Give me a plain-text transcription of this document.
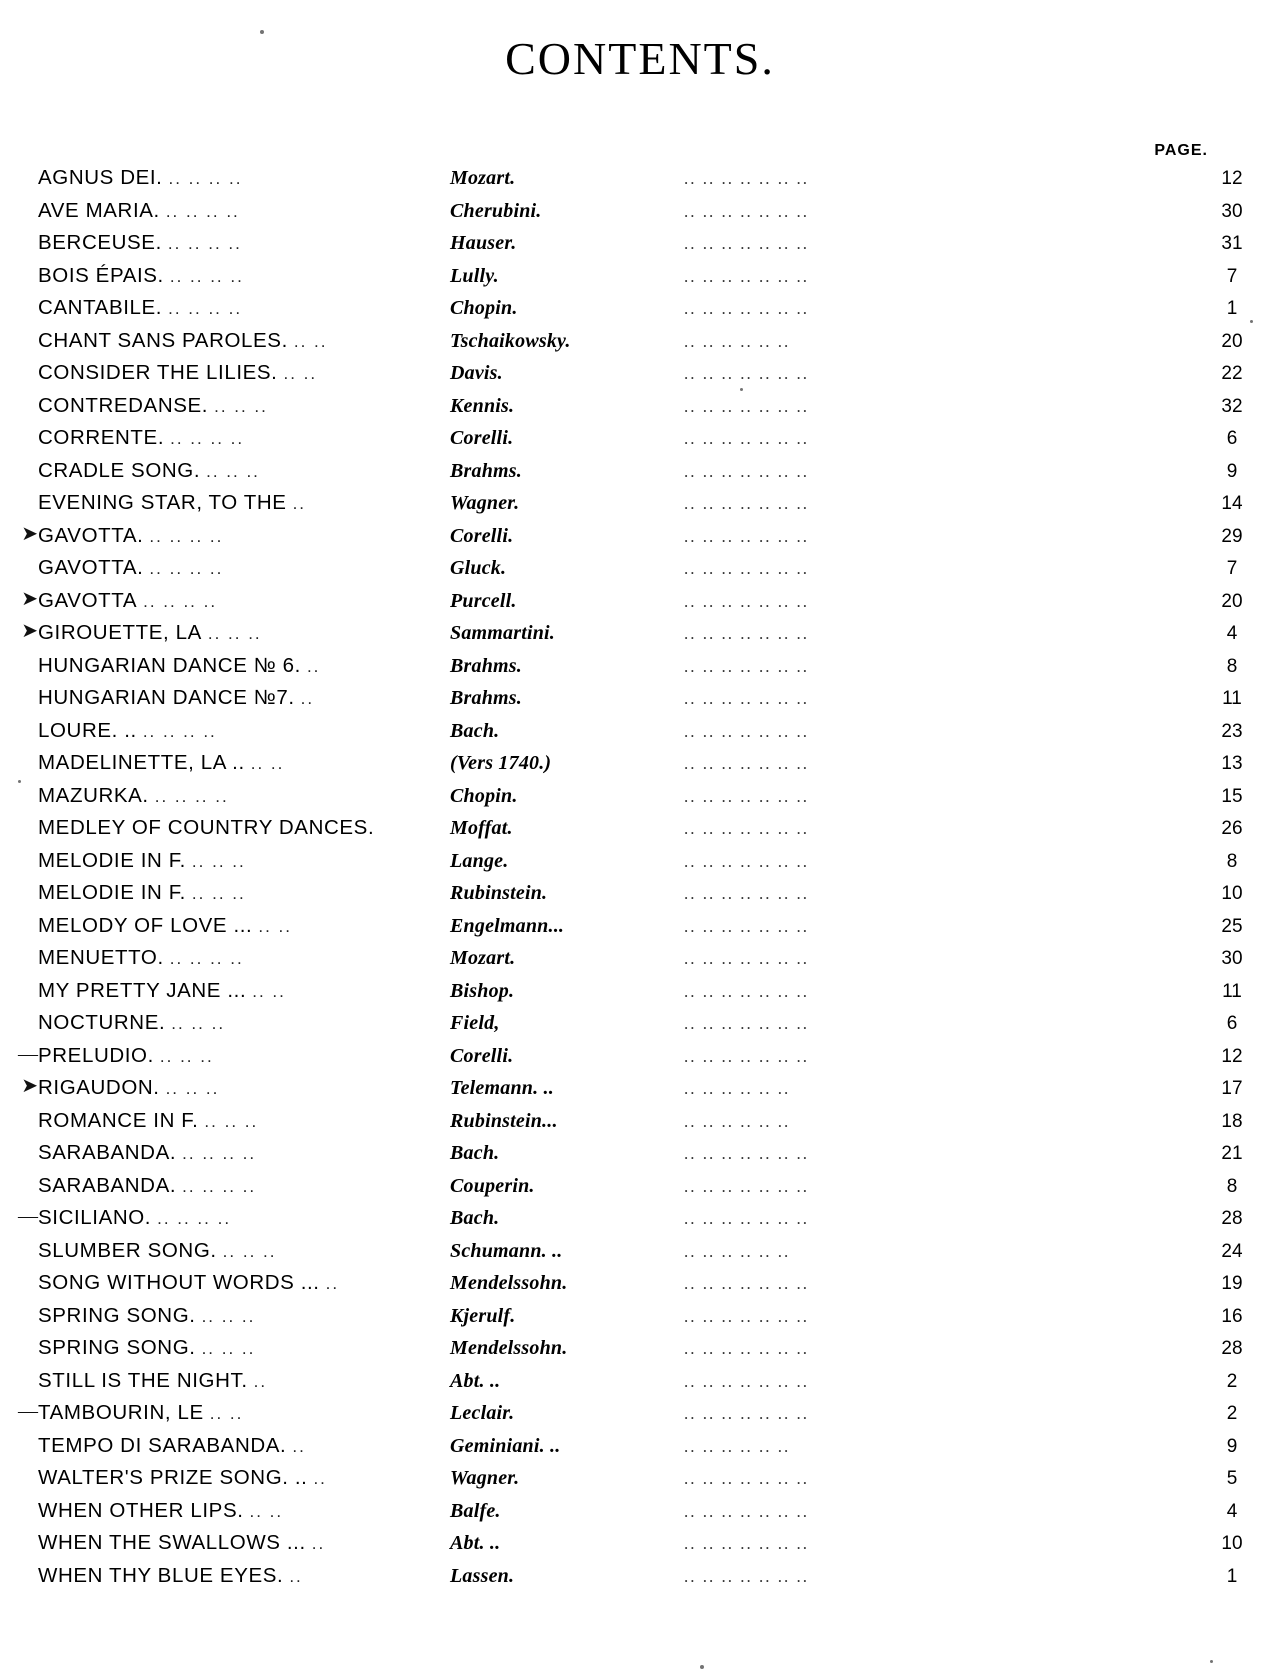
CONTENTS.
PAGE.
AGNUS DEI. .. .. .. ..	Mozart.	.. .. .. .. .. .. ..	12
AVE MARIA. .. .. .. ..	Cherubini.	.. .. .. .. .. .. ..	30
BERCEUSE. .. .. .. ..	Hauser.	.. .. .. .. .. .. ..	31
BOIS ÉPAIS. .. .. .. ..	Lully.	.. .. .. .. .. .. ..	7
CANTABILE. .. .. .. ..	Chopin.	.. .. .. .. .. .. ..	1
CHANT SANS PAROLES. .. ..	Tschaikowsky.	.. .. .. .. .. ..	20
CONSIDER THE LILIES. .. ..	Davis.	.. .. .. .. .. .. ..	22
CONTREDANSE. .. .. ..	Kennis.	.. .. .. .. .. .. ..	32
CORRENTE. .. .. .. ..	Corelli.	.. .. .. .. .. .. ..	6
CRADLE SONG. .. .. ..	Brahms.	.. .. .. .. .. .. ..	9
EVENING STAR, TO THE ..	Wagner.	.. .. .. .. .. .. ..	14
➤ GAVOTTA. .. .. .. ..	Corelli.	.. .. .. .. .. .. ..	29
GAVOTTA. .. .. .. ..	Gluck.	.. .. .. .. .. .. ..	7
➤ GAVOTTA .. .. .. ..	Purcell.	.. .. .. .. .. .. ..	20
➤ GIROUETTE, LA .. .. ..	Sammartini.	.. .. .. .. .. .. ..	4
HUNGARIAN DANCE № 6. ..	Brahms.	.. .. .. .. .. .. ..	8
HUNGARIAN DANCE №7. ..	Brahms.	.. .. .. .. .. .. ..	11
LOURE. .. .. .. .. ..	Bach.	.. .. .. .. .. .. ..	23
MADELINETTE, LA .. .. ..	(Vers 1740.)	.. .. .. .. .. .. ..	13
MAZURKA. .. .. .. ..	Chopin.	.. .. .. .. .. .. ..	15
MEDLEY OF COUNTRY DANCES.	Moffat.	.. .. .. .. .. .. ..	26
MELODIE IN F. .. .. ..	Lange.	.. .. .. .. .. .. ..	8
MELODIE IN F. .. .. ..	Rubinstein.	.. .. .. .. .. .. ..	10
MELODY OF LOVE ... .. ..	Engelmann...	.. .. .. .. .. .. ..	25
MENUETTO. .. .. .. ..	Mozart.	.. .. .. .. .. .. ..	30
MY PRETTY JANE ... .. ..	Bishop.	.. .. .. .. .. .. ..	11
NOCTURNE. .. .. ..	Field,	.. .. .. .. .. .. ..	6
— PRELUDIO. .. .. ..	Corelli.	.. .. .. .. .. .. ..	12
➤ RIGAUDON. .. .. ..	Telemann. ..	.. .. .. .. .. ..	17
ROMANCE IN F. .. .. ..	Rubinstein...	.. .. .. .. .. ..	18
SARABANDA. .. .. .. ..	Bach.	.. .. .. .. .. .. ..	21
SARABANDA. .. .. .. ..	Couperin.	.. .. .. .. .. .. ..	8
— SICILIANO. .. .. .. ..	Bach.	.. .. .. .. .. .. ..	28
SLUMBER SONG. .. .. ..	Schumann. ..	.. .. .. .. .. ..	24
SONG WITHOUT WORDS ... ..	Mendelssohn.	.. .. .. .. .. .. ..	19
SPRING SONG. .. .. ..	Kjerulf.	.. .. .. .. .. .. ..	16
SPRING SONG. .. .. ..	Mendelssohn.	.. .. .. .. .. .. ..	28
STILL IS THE NIGHT. ..	Abt. ..	.. .. .. .. .. .. ..	2
— TAMBOURIN, LE .. ..	Leclair.	.. .. .. .. .. .. ..	2
TEMPO DI SARABANDA. ..	Geminiani. ..	.. .. .. .. .. ..	9
WALTER'S PRIZE SONG. .. ..	Wagner.	.. .. .. .. .. .. ..	5
WHEN OTHER LIPS. .. ..	Balfe.	.. .. .. .. .. .. ..	4
WHEN THE SWALLOWS ... ..	Abt. ..	.. .. .. .. .. .. ..	10
WHEN THY BLUE EYES. ..	Lassen.	.. .. .. .. .. .. ..	1
